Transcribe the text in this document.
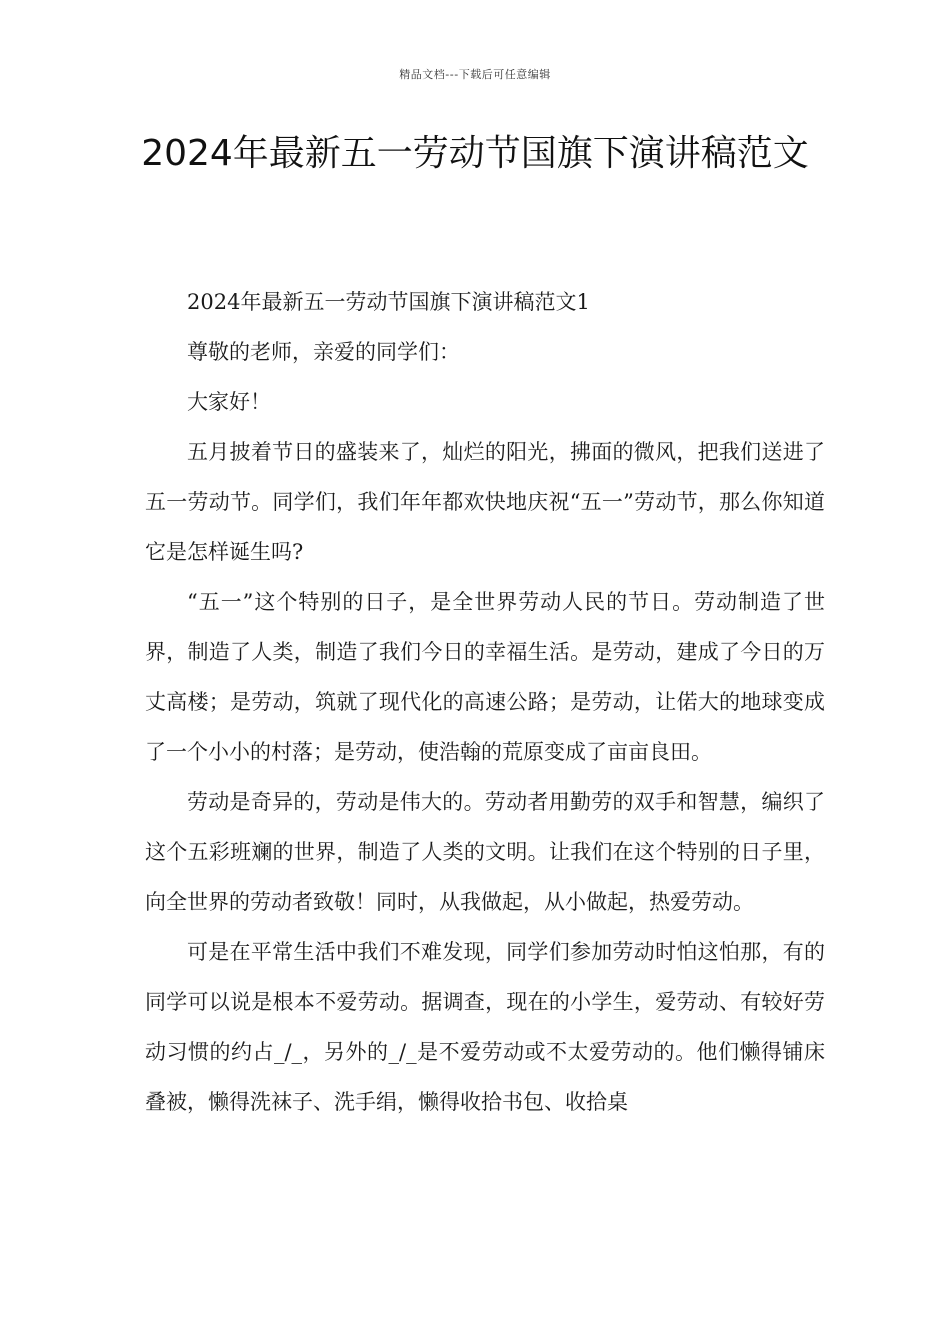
精品文档---下载后可任意编辑
2024年最新五一劳动节国旗下演讲稿范文

2024年最新五一劳动节国旗下演讲稿范文1

尊敬的老师，亲爱的同学们：

大家好！

五月披着节日的盛装来了，灿烂的阳光，拂面的微风，把我们送进了五一劳动节。同学们，我们年年都欢快地庆祝“五一”劳动节，那么你知道它是怎样诞生吗?

“五一”这个特别的日子，是全世界劳动人民的节日。劳动制造了世界，制造了人类，制造了我们今日的幸福生活。是劳动，建成了今日的万丈高楼；是劳动，筑就了现代化的高速公路；是劳动，让偌大的地球变成了一个小小的村落；是劳动，使浩翰的荒原变成了亩亩良田。

劳动是奇异的，劳动是伟大的。劳动者用勤劳的双手和智慧，编织了这个五彩班斓的世界，制造了人类的文明。让我们在这个特别的日子里，向全世界的劳动者致敬！同时，从我做起，从小做起，热爱劳动。

可是在平常生活中我们不难发现，同学们参加劳动时怕这怕那，有的同学可以说是根本不爱劳动。据调查，现在的小学生，爱劳动、有较好劳动习惯的约占_/_，另外的_/_是不爱劳动或不太爱劳动的。他们懒得铺床叠被，懒得洗袜子、洗手绢，懒得收拾书包、收拾桌
